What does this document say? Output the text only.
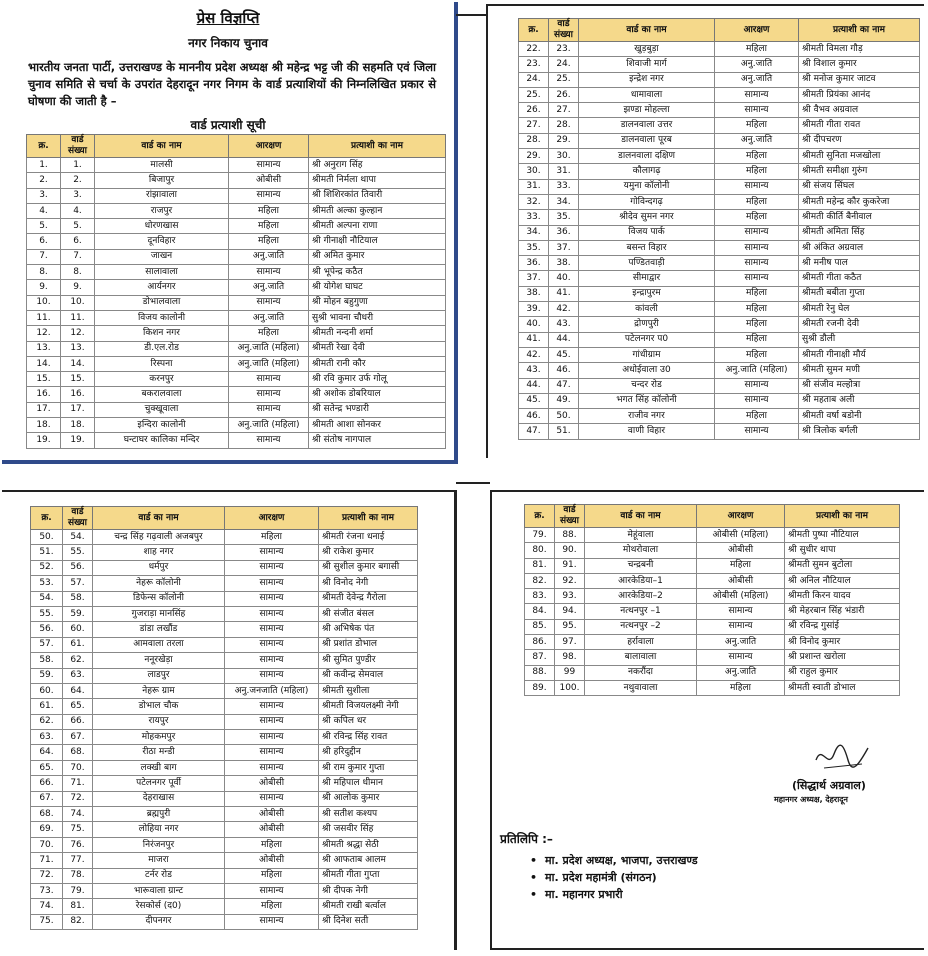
प्रेस विज्ञप्ति
नगर निकाय चुनाव
भारतीय जनता पार्टी, उत्तराखण्ड के माननीय प्रदेश अध्यक्ष श्री महेन्द्र भट्ट जी की सहमति एवं जिला चुनाव समिति से चर्चा के उपरांत देहरादून नगर निगम के वार्ड प्रत्याशियों की निम्नलिखित प्रकार से घोषणा की जाती है –
वार्ड प्रत्याशी सूची
क्र.	वार्ड संख्या	वार्ड का नाम	आरक्षण	प्रत्याशी का नाम
1.	1.	मालसी	सामान्य	श्री अनुराग सिंह
2.	2.	बिजापुर	ओबीसी	श्रीमती निर्मला थापा
3.	3.	रांझावाला	सामान्य	श्री शिशिरकांत तिवारी
4.	4.	राजपुर	महिला	श्रीमती अल्का कुल्हान
5.	5.	धोरणखास	महिला	श्रीमती अल्पना राणा
6.	6.	दूनविहार	महिला	श्री गीनाक्षी नौटियाल
7.	7.	जाखन	अनु.जाति	श्री अमित कुमार
8.	8.	सालावाला	सामान्य	श्री भूपेन्द्र कठैत
9.	9.	आर्यनगर	अनु.जाति	श्री योगेश घाघट
10.	10.	डोभालवाला	सामान्य	श्री मोहन बहुगुणा
11.	11.	विजय कालोनी	अनु.जाति	सुश्री भावना चौधरी
12.	12.	किशन नगर	महिला	श्रीमती नन्दनी शर्मा
13.	13.	डी.एल.रोड	अनु.जाति (महिला)	श्रीमती रेखा देवी
14.	14.	रिस्पना	अनु.जाति (महिला)	श्रीमती रानी कौर
15.	15.	करनपुर	सामान्य	श्री रवि कुमार उर्फ गोलू
16.	16.	बकरालवाला	सामान्य	श्री अशोक डोबरियाल
17.	17.	चुक्खूवाला	सामान्य	श्री सतेन्द्र भण्डारी
18.	18.	इन्दिरा कालोनी	अनु.जाति (महिला)	श्रीमती आशा सोनकर
19.	19.	घन्टाघर कालिका मन्दिर	सामान्य	श्री संतोष नागपाल
क्र.	वार्ड संख्या	वार्ड का नाम	आरक्षण	प्रत्याशी का नाम
22.	23.	खुड़बुड़ा	महिला	श्रीमती विमला गौड़
23.	24.	शिवाजी मार्ग	अनु.जाति	श्री विशाल कुमार
24.	25.	इन्द्रेश नगर	अनु.जाति	श्री मनोज कुमार जाटव
25.	26.	धामावाला	सामान्य	श्रीमती प्रियंका आनंद
26.	27.	झण्डा मोहल्ला	सामान्य	श्री वैभव अग्रवाल
27.	28.	डालनवाला उत्तर	महिला	श्रीमती गीता रावत
28.	29.	डालनवाला पूरब	अनु.जाति	श्री दीपचरण
29.	30.	डालनवाला दक्षिण	महिला	श्रीमती सुनिता मजखोला
30.	31.	कौलागढ़	महिला	श्रीमती समीक्षा गुरुंग
31.	33.	यमुना कॉलोनी	सामान्य	श्री संजय सिंघल
32.	34.	गोविन्दगढ़	महिला	श्रीमती महेन्द्र कौर कुकरेजा
33.	35.	श्रीदेव सुमन नगर	महिला	श्रीमती कीर्ति बैनीवाल
34.	36.	विजय पार्क	सामान्य	श्रीमती अमिता सिंह
35.	37.	बसन्त विहार	सामान्य	श्री अंकित अग्रवाल
36.	38.	पण्डितवाड़ी	सामान्य	श्री मनीष पाल
37.	40.	सीमाद्वार	सामान्य	श्रीमती गीता कठैत
38.	41.	इन्द्रापुरम	महिला	श्रीमती बबीता गुप्ता
39.	42.	कांवली	महिला	श्रीमती रेनु घेल
40.	43.	द्रोणपुरी	महिला	श्रीमती रजनी देवी
41.	44.	पटेलनगर प0	महिला	सुश्री डौली
42.	45.	गांधीग्राम	महिला	श्रीमती गीनाक्षी मौर्य
43.	46.	अधोईवाला उ0	अनु.जाति (महिला)	श्रीमती सुमन मणी
44.	47.	चन्दर रोड	सामान्य	श्री संजीव मल्होत्रा
45.	49.	भगत सिंह कॉलोनी	सामान्य	श्री महताब अली
46.	50.	राजीव नगर	महिला	श्रीमती वर्षा बडोनी
47.	51.	वाणी विहार	सामान्य	श्री त्रिलोक बर्गली
क्र.	वार्ड संख्या	वार्ड का नाम	आरक्षण	प्रत्याशी का नाम
50.	54.	चन्द्र सिंह गढ़वाली अजबपुर	महिला	श्रीमती रंजना धनाई
51.	55.	शाह नगर	सामान्य	श्री राकेश कुमार
52.	56.	धर्मपुर	सामान्य	श्री सुशील कुमार बगासी
53.	57.	नेहरू कॉलोनी	सामान्य	श्री विनोद नेगी
54.	58.	डिफेन्स कॉलोनी	सामान्य	श्रीमती देवेन्द्र गैरोला
55.	59.	गुजराड़ा मानसिंह	सामान्य	श्री संजीत बंसल
56.	60.	डांडा लखौंड	सामान्य	श्री अभिषेक पंत
57.	61.	आमवाला तरला	सामान्य	श्री प्रशांत डोभाल
58.	62.	ननूरखेड़ा	सामान्य	श्री सुमित पुण्डीर
59.	63.	लाडपुर	सामान्य	श्री कवीन्द्र सेमवाल
60.	64.	नेहरू ग्राम	अनु.जनजाति (महिला)	श्रीमती सुशीला
61.	65.	डोभाल चौक	सामान्य	श्रीमती विजयलक्ष्मी नेगी
62.	66.	रायपुर	सामान्य	श्री कपिल धर
63.	67.	मोहकमपुर	सामान्य	श्री रविन्द्र सिंह रावत
64.	68.	रीठा मन्डी	सामान्य	श्री हरिदुद्दीन
65.	70.	लक्खी बाग	सामान्य	श्री राम कुमार गुप्ता
66.	71.	पटेलनगर पूर्वी	ओबीसी	श्री महिपाल धीमान
67.	72.	देहराखास	सामान्य	श्री आलोक कुमार
68.	74.	ब्रह्मपुरी	ओबीसी	श्री सतीश कश्यप
69.	75.	लोहिया नगर	ओबीसी	श्री जसवीर सिंह
70.	76.	निरंजनपुर	महिला	श्रीमती श्रद्धा सेठी
71.	77.	माजरा	ओबीसी	श्री आफताब आलम
72.	78.	टर्नर रोड	महिला	श्रीमती गीता गुप्ता
73.	79.	भारूवाला ग्रान्ट	सामान्य	श्री दीपक नेगी
74.	81.	रेसकोर्स (द0)	महिला	श्रीमती राखी बर्त्वाल
75.	82.	दीपनगर	सामान्य	श्री दिनेश सती
क्र.	वार्ड संख्या	वार्ड का नाम	आरक्षण	प्रत्याशी का नाम
79.	88.	मेहूंवाला	ओबीसी (महिला)	श्रीमती पुष्पा नौटियाल
80.	90.	मोथरोवाला	ओबीसी	श्री सुधीर थापा
81.	91.	चन्द्रबनी	महिला	श्रीमती सुमन बुटोला
82.	92.	आरकेडिया–1	ओबीसी	श्री अनिल नौटियाल
83.	93.	आरकेडिया–2	ओबीसी (महिला)	श्रीमती किरन यादव
84.	94.	नत्थनपुर –1	सामान्य	श्री मेहरबान सिंह भंडारी
85.	95.	नत्थनपुर –2	सामान्य	श्री रविन्द्र गुसांई
86.	97.	हर्रावाला	अनु.जाति	श्री विनोद कुमार
87.	98.	बालावाला	सामान्य	श्री प्रशान्त खरोला
88.	99	नकरौंदा	अनु.जाति	श्री राहुल कुमार
89.	100.	नथुवावाला	महिला	श्रीमती स्वाती डोभाल
(सिद्धार्थ अग्रवाल)
महानगर अध्यक्ष, देहरादून
प्रतिलिपि :–
• मा. प्रदेश अध्यक्ष, भाजपा, उत्तराखण्ड
• मा. प्रदेश महामंत्री (संगठन)
• मा. महानगर प्रभारी
